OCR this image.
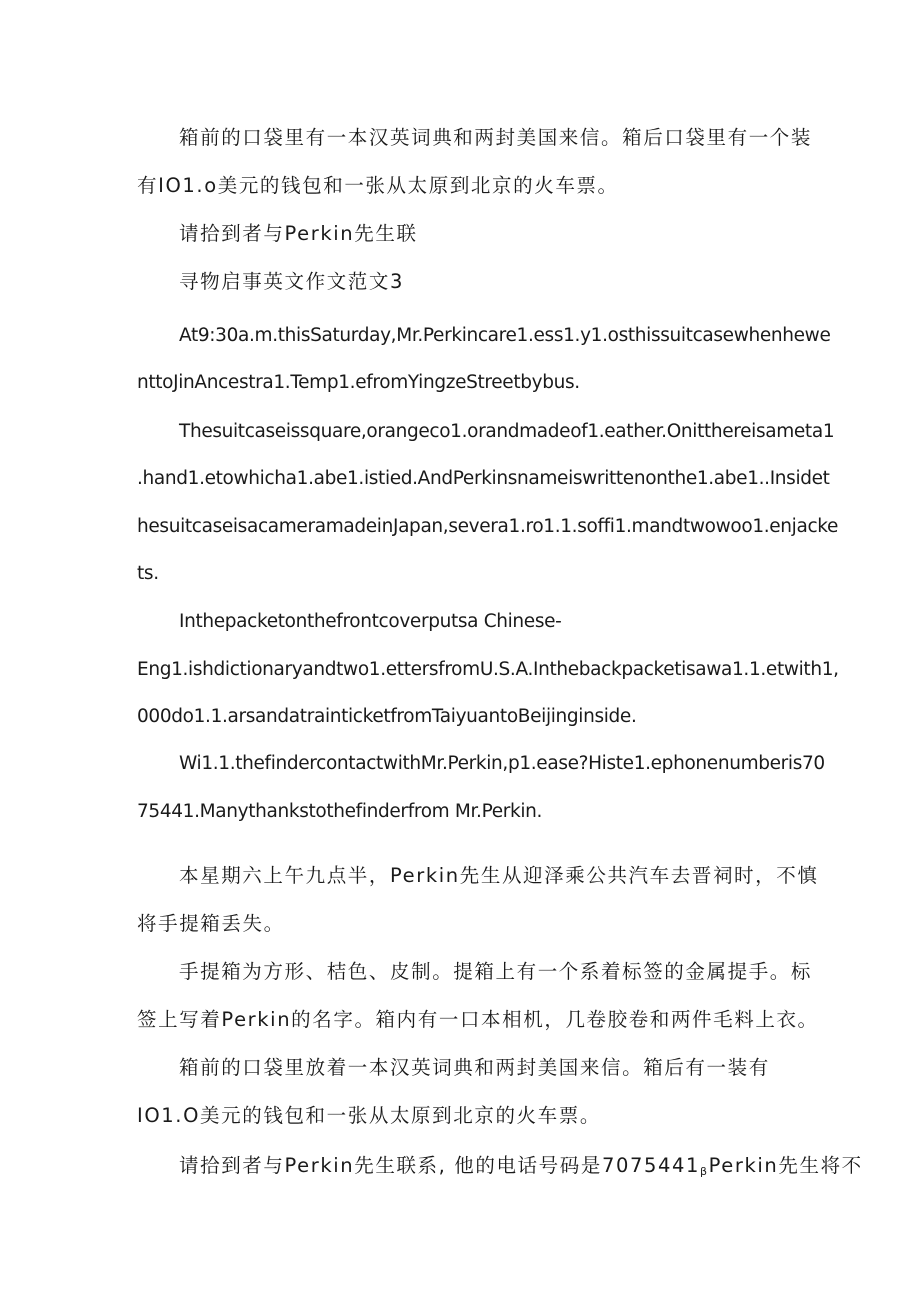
箱前的口袋里有一本汉英词典和两封美国来信。箱后口袋里有一个装
有IO1.o美元的钱包和一张从太原到北京的火车票。
请拾到者与Perkin先生联
寻物启事英文作文范文3
At9:30a.m.thisSaturday,Mr.Perkincare1.ess1.y1.osthissuitcasewhenhewe
nttoJinAncestra1.Temp1.efromYingzeStreetbybus.
Thesuitcaseissquare,orangeco1.orandmadeof1.eather.Onitthereisameta1
.hand1.etowhicha1.abe1.istied.AndPerkinsnameiswrittenonthe1.abe1..Insidet
hesuitcaseisacameramadeinJapan,severa1.ro1.1.soffi1.mandtwowoo1.enjacke
ts.
Inthepacketonthefrontcoverputsa Chinese-
Eng1.ishdictionaryandtwo1.ettersfromU.S.A.Inthebackpacketisawa1.1.etwith1,
000do1.1.arsandatrainticketfromTaiyuantoBeijinginside.
Wi1.1.thefindercontactwithMr.Perkin,p1.ease?Histe1.ephonenumberis70
75441.Manythankstothefinderfrom Mr.Perkin.
本星期六上午九点半，Perkin先生从迎泽乘公共汽车去晋祠时，不慎
将手提箱丢失。
手提箱为方形、桔色、皮制。提箱上有一个系着标签的金属提手。标
签上写着Perkin的名字。箱内有一口本相机，几卷胶卷和两件毛料上衣。
箱前的口袋里放着一本汉英词典和两封美国来信。箱后有一装有
IO1.O美元的钱包和一张从太原到北京的火车票。
请拾到者与Perkin先生联系, 他的电话号码是$7075441_\beta Perkin$先生将不
